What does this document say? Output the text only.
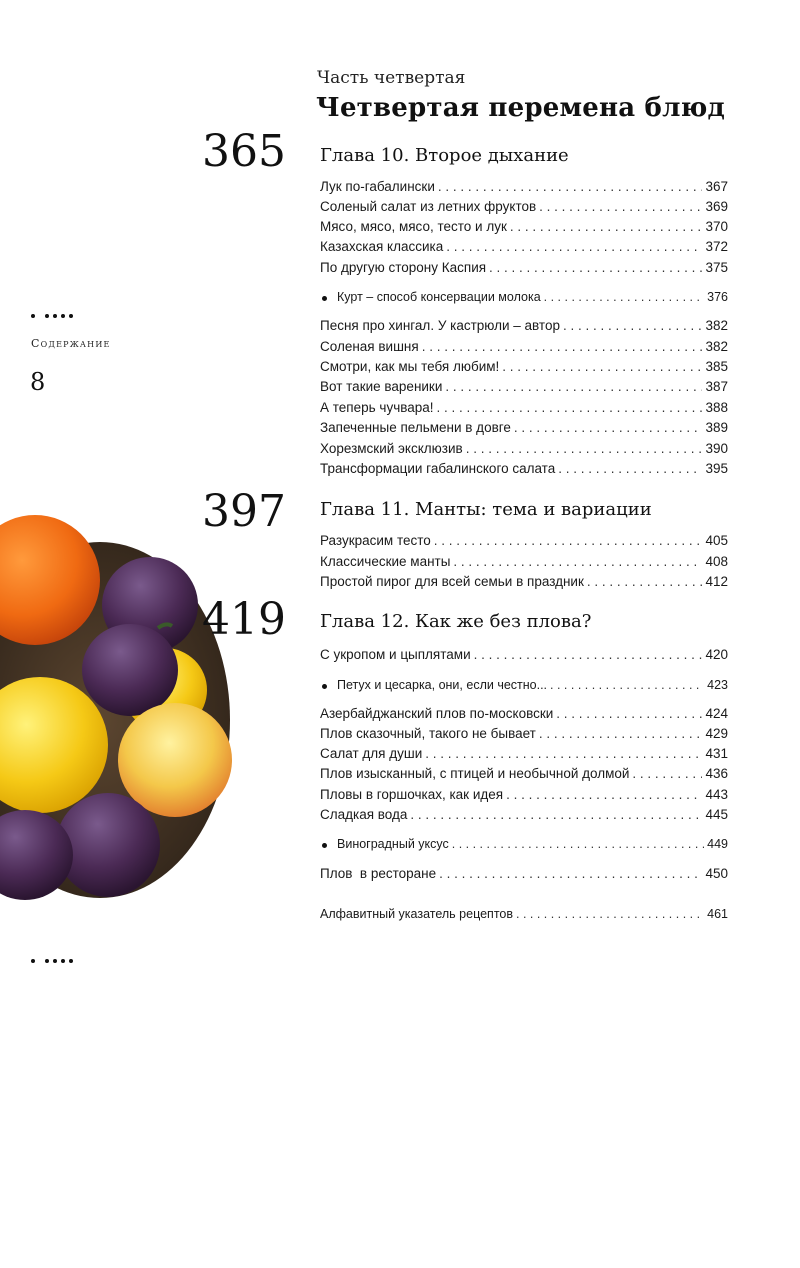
Часть четвертая
Четвертая перемена блюд
Содержание
8
365 Глава 10. Второе дыхание
Лук по-габалински . . .	367
Соленый салат из летних фруктов . . .	369
Мясо, мясо, мясо, тесто и лук . . .	370
Казахская классика . . .	372
По другую сторону Каспия . . .	375
Курт – способ консервации молока . . .	376
Песня про хингал. У кастрюли – автор . . .	382
Соленая вишня . . .	382
Смотри, как мы тебя любим! . . .	385
Вот такие вареники . . .	387
А теперь чучвара! . . .	388
Запеченные пельмени в довге . . .	389
Хорезмский эксклюзив . . .	390
Трансформации габалинского салата . . .	395
397 Глава 11. Манты: тема и вариации
Разукрасим тесто . . .	405
Классические манты . . .	408
Простой пирог для всей семьи в праздник . . .	412
419 Глава 12. Как же без плова?
С укропом и цыплятами . . .	420
Петух и цесарка, они, если честно... . . .	423
Азербайджанский плов по-московски . . .	424
Плов сказочный, такого не бывает . . .	429
Салат для души . . .	431
Плов изысканный, с птицей и необычной долмой . . .	436
Пловы в горшочках, как идея . . .	443
Сладкая вода . . .	445
Виноградный уксус . . .	449
Плов  в ресторане . . .	450
Алфавитный указатель рецептов . . .	461
